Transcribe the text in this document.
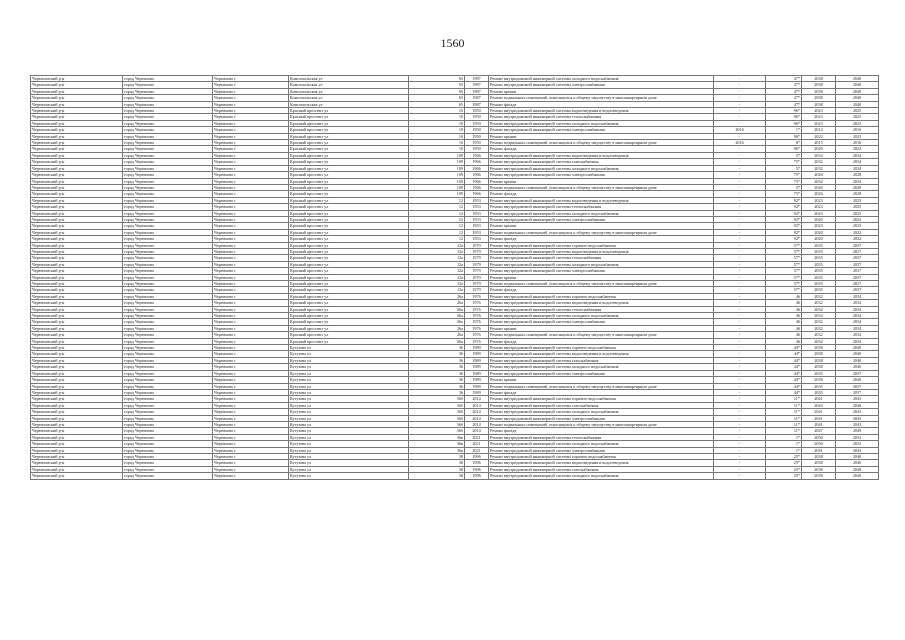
1560
Черемховский р-н	город Черемхово	Черемхово г	Комсомольская ул	65	1987	Ремонт внутридомовой инженерной системы холодного водоснабжения	-	47*	2038	2040
Черемховский р-н	город Черемхово	Черемхово г	Комсомольская ул	65	1987	Ремонт внутридомовой инженерной системы электроснабжения	-	47*	2038	2040
Черемховский р-н	город Черемхово	Черемхово г	Комсомольская ул	65	1987	Ремонт крыши	-	47*	2038	2040
Черемховский р-н	город Черемхово	Черемхово г	Комсомольская ул	65	1987	Ремонт подвальных помещений, относящихся к общему имуществу в многоквартирном доме	-	47*	2038	2040
Черемховский р-н	город Черемхово	Черемхово г	Комсомольская ул	65	1987	Ремонт фасада	-	47*	2038	2040
Черемховский р-н	город Черемхово	Черемхово г	Красный проспект ул	10	1950	Ремонт внутридомовой инженерной системы водоотведения и водоотведения	-	96*	2023	2025
Черемховский р-н	город Черемхово	Черемхово г	Красный проспект ул	10	1950	Ремонт внутридомовой инженерной системы теплоснабжения	-	96*	2023	2025
Черемховский р-н	город Черемхово	Черемхово г	Красный проспект ул	10	1950	Ремонт внутридомовой инженерной системы холодного водоснабжения	-	96*	2023	2025
Черемховский р-н	город Черемхово	Черемхово г	Красный проспект ул	10	1950	Ремонт внутридомовой инженерной системы электроснабжения	2016	1*	2014	2016
Черемховский р-н	город Черемхово	Черемхово г	Красный проспект ул	10	1950	Ремонт крыши	-	96*	2022	2023
Черемховский р-н	город Черемхово	Черемхово г	Красный проспект ул	10	1950	Ремонт подвальных помещений, относящихся к общему имуществу в многоквартирном доме	2016	8*	2015	2016
Черемховский р-н	город Черемхово	Черемхово г	Красный проспект ул	10	1950	Ремонт фасада	-	96*	2020	2022
Черемховский р-н	город Черемхово	Черемхово г	Красный проспект ул	109	1966	Ремонт внутридомовой инженерной системы водоотведения и водоотведения	-	57	2032	2034
Черемховский р-н	город Черемхово	Черемхово г	Красный проспект ул	109	1966	Ремонт внутридомовой инженерной системы газоснабжения	-	75*	2032	2034
Черемховский р-н	город Черемхово	Черемхово г	Красный проспект ул	109	1966	Ремонт внутридомовой инженерной системы холодного водоснабжения	-	57	2032	2034
Черемховский р-н	город Черемхово	Черемхово г	Красный проспект ул	109	1966	Ремонт внутридомовой инженерной системы электроснабжения	-	75*	2026	2028
Черемховский р-н	город Черемхово	Черемхово г	Красный проспект ул	109	1966	Ремонт крыши	-	75*	2032	2034
Черемховский р-н	город Черемхово	Черемхово г	Красный проспект ул	109	1966	Ремонт подвальных помещений, относящихся к общему имуществу в многоквартирном доме	-	57	2026	2028
Черемховский р-н	город Черемхово	Черемхово г	Красный проспект ул	109	1966	Ремонт фасада	-	75*	2026	2028
Черемховский р-н	город Черемхово	Черемхово г	Красный проспект ул	12	1953	Ремонт внутридомовой инженерной системы водоотведения и водоотведения	-	92*	2023	2025
Черемховский р-н	город Черемхово	Черемхово г	Красный проспект ул	12	1953	Ремонт внутридомовой инженерной системы теплоснабжения	-	92*	2023	2025
Черемховский р-н	город Черемхово	Черемхово г	Красный проспект ул	12	1953	Ремонт внутридомовой инженерной системы холодного водоснабжения	-	92*	2023	2025
Черемховский р-н	город Черемхово	Черемхово г	Красный проспект ул	12	1953	Ремонт внутридомовой инженерной системы электроснабжения	-	92*	2020	2022
Черемховский р-н	город Черемхово	Черемхово г	Красный проспект ул	12	1953	Ремонт крыши	-	92*	2023	2025
Черемховский р-н	город Черемхово	Черемхово г	Красный проспект ул	12	1953	Ремонт подвальных помещений, относящихся к общему имуществу в многоквартирном доме	-	92*	2020	2022
Черемховский р-н	город Черемхово	Черемхово г	Красный проспект ул	12	1953	Ремонт фасада	-	92*	2020	2022
Черемховский р-н	город Черемхово	Черемхово г	Красный проспект ул	12а	1979	Ремонт внутридомовой инженерной системы горячего водоснабжения	-	57*	2035	2037
Черемховский р-н	город Черемхово	Черемхово г	Красный проспект ул	12а	1979	Ремонт внутридомовой инженерной системы водоотведения и водоотведения	-	57*	2035	2037
Черемховский р-н	город Черемхово	Черемхово г	Красный проспект ул	12а	1979	Ремонт внутридомовой инженерной системы теплоснабжения	-	57*	2035	2037
Черемховский р-н	город Черемхово	Черемхово г	Красный проспект ул	12а	1979	Ремонт внутридомовой инженерной системы холодного водоснабжения	-	57*	2035	2037
Черемховский р-н	город Черемхово	Черемхово г	Красный проспект ул	12а	1979	Ремонт внутридомовой инженерной системы электроснабжения	-	57*	2035	2037
Черемховский р-н	город Черемхово	Черемхово г	Красный проспект ул	12а	1979	Ремонт крыши	-	57*	2035	2037
Черемховский р-н	город Черемхово	Черемхово г	Красный проспект ул	12а	1979	Ремонт подвальных помещений, относящихся к общему имуществу в многоквартирном доме	-	57*	2035	2037
Черемховский р-н	город Черемхово	Черемхово г	Красный проспект ул	12а	1979	Ремонт фасада	-	57*	2035	2037
Черемховский р-н	город Черемхово	Черемхово г	Красный проспект ул	26а	1976	Ремонт внутридомовой инженерной системы горячего водоснабжения	-	46	2032	2034
Черемховский р-н	город Черемхово	Черемхово г	Красный проспект ул	26а	1976	Ремонт внутридомовой инженерной системы водоотведения и водоотведения	-	46	2032	2034
Черемховский р-н	город Черемхово	Черемхово г	Красный проспект ул	26а	1976	Ремонт внутридомовой инженерной системы теплоснабжения	-	46	2032	2034
Черемховский р-н	город Черемхово	Черемхово г	Красный проспект ул	26а	1976	Ремонт внутридомовой инженерной системы холодного водоснабжения	-	46	2032	2034
Черемховский р-н	город Черемхово	Черемхово г	Красный проспект ул	26а	1976	Ремонт внутридомовой инженерной системы электроснабжения	-	46	2032	2034
Черемховский р-н	город Черемхово	Черемхово г	Красный проспект ул	26а	1976	Ремонт крыши	-	46	2032	2034
Черемховский р-н	город Черемхово	Черемхово г	Красный проспект ул	26а	1976	Ремонт подвальных помещений, относящихся к общему имуществу в многоквартирном доме	-	46	2032	2034
Черемховский р-н	город Черемхово	Черемхово г	Красный проспект ул	26а	1976	Ремонт фасада	-	46	2032	2034
Черемховский р-н	город Черемхово	Черемхово г	Кутузова ул	36	1989	Ремонт внутридомовой инженерной системы горячего водоснабжения	-	44*	2038	2040
Черемховский р-н	город Черемхово	Черемхово г	Кутузова ул	36	1989	Ремонт внутридомовой инженерной системы водоотведения и водоотведения	-	44*	2038	2040
Черемховский р-н	город Черемхово	Черемхово г	Кутузова ул	36	1989	Ремонт внутридомовой инженерной системы газоснабжения	-	44*	2038	2040
Черемховский р-н	город Черемхово	Черемхово г	Кутузова ул	36	1989	Ремонт внутридомовой инженерной системы холодного водоснабжения	-	44*	2038	2040
Черемховский р-н	город Черемхово	Черемхово г	Кутузова ул	36	1989	Ремонт внутридомовой инженерной системы электроснабжения	-	44*	2035	2037
Черемховский р-н	город Черемхово	Черемхово г	Кутузова ул	36	1989	Ремонт крыши	-	44*	2038	2040
Черемховский р-н	город Черемхово	Черемхово г	Кутузова ул	36	1989	Ремонт подвальных помещений, относящихся к общему имуществу в многоквартирном доме	-	44*	2035	2037
Черемховский р-н	город Черемхово	Черемхово г	Кутузова ул	36	1989	Ремонт фасада	-	44*	2035	2037
Черемховский р-н	город Черемхово	Черемхово г	Кутузова ул	36б	2014	Ремонт внутридомовой инженерной системы горячего водоснабжения	-	11*	2041	2043
Черемховский р-н	город Черемхово	Черемхово г	Кутузова ул	36б	2014	Ремонт внутридомовой инженерной системы газоснабжения	-	11*	2044	2046
Черемховский р-н	город Черемхово	Черемхово г	Кутузова ул	36б	2014	Ремонт внутридомовой инженерной системы холодного водоснабжения	-	11*	2041	2043
Черемховский р-н	город Черемхово	Черемхово г	Кутузова ул	36б	2014	Ремонт внутридомовой инженерной системы электроснабжения	-	11*	2041	2043
Черемховский р-н	город Черемхово	Черемхово г	Кутузова ул	36б	2014	Ремонт подвальных помещений, относящихся к общему имуществу в многоквартирном доме	-	11*	2041	2043
Черемховский р-н	город Черемхово	Черемхово г	Кутузова ул	36б	2014	Ремонт фасада	-	11*	2047	2049
Черемховский р-н	город Черемхово	Черемхово г	Кутузова ул	36в	2021	Ремонт внутридомовой инженерной системы теплоснабжения	-	1*	2050	2052
Черемховский р-н	город Черемхово	Черемхово г	Кутузова ул	36в	2021	Ремонт внутридомовой инженерной системы холодного водоснабжения	-	1*	2050	2052
Черемховский р-н	город Черемхово	Черемхово г	Кутузова ул	36в	2021	Ремонт внутридомовой инженерной системы электроснабжения	-	1*	2041	2043
Черемховский р-н	город Черемхово	Черемхово г	Кутузова ул	38	1996	Ремонт внутридомовой инженерной системы горячего водоснабжения	-	25*	2038	2040
Черемховский р-н	город Черемхово	Черемхово г	Кутузова ул	38	1996	Ремонт внутридомовой инженерной системы водоотведения и водоотведения	-	25*	2038	2040
Черемховский р-н	город Черемхово	Черемхово г	Кутузова ул	38	1996	Ремонт внутридомовой инженерной системы газоснабжения	-	25*	2038	2040
Черемховский р-н	город Черемхово	Черемхово г	Кутузова ул	38	1996	Ремонт внутридомовой инженерной системы холодного водоснабжения	-	25*	2038	2040
